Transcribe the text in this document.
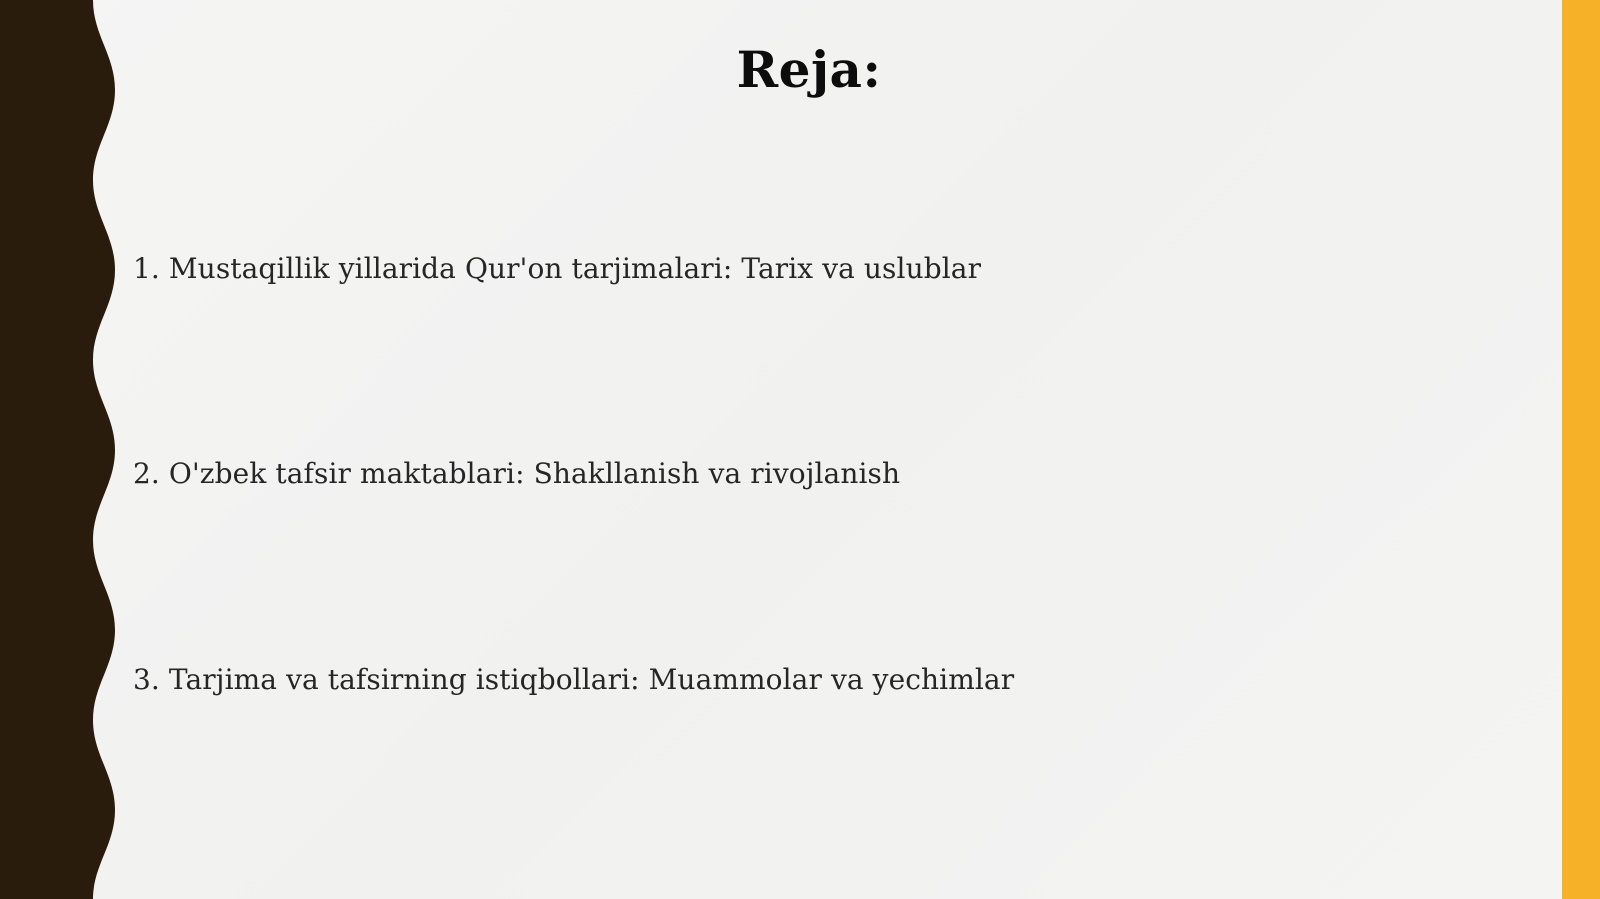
Reja:

1. Mustaqillik yillarida Qur'on tarjimalari: Tarix va uslublar

2. O'zbek tafsir maktablari: Shakllanish va rivojlanish

3. Tarjima va tafsirning istiqbollari: Muammolar va yechimlar
